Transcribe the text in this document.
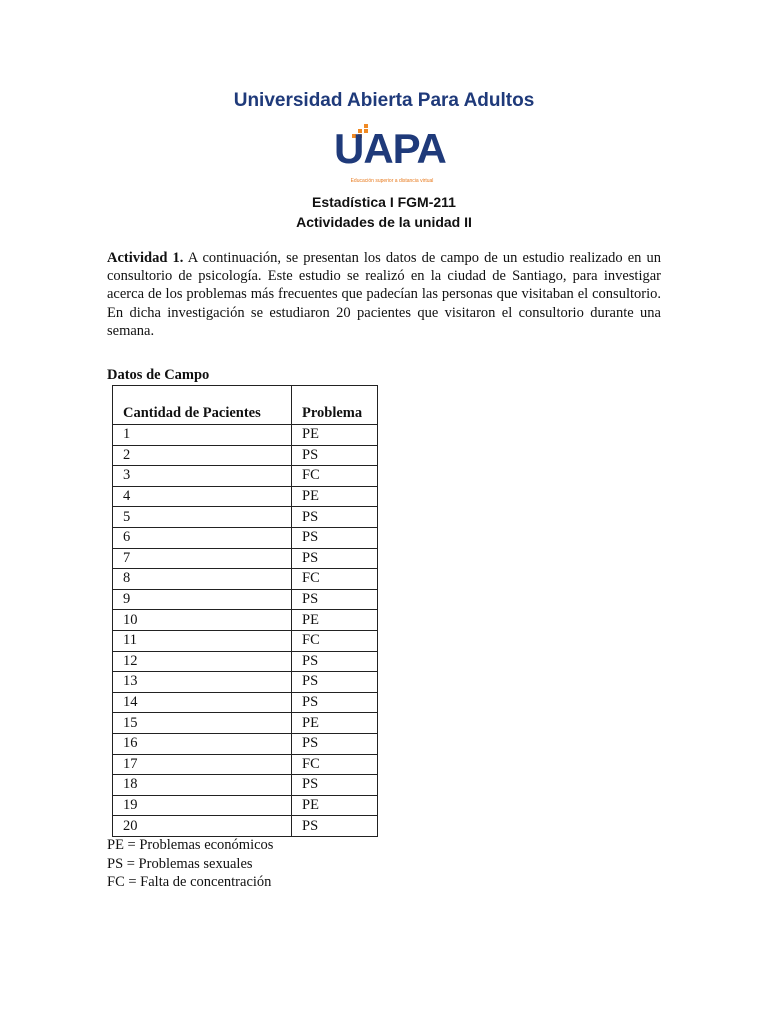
Universidad Abierta Para Adultos
UAPA
Educación superior a distancia virtual
Estadística I FGM-211
Actividades de la unidad II
Actividad 1. A continuación, se presentan los datos de campo de un estudio realizado en un consultorio de psicología. Este estudio se realizó en la ciudad de Santiago, para investigar acerca de los problemas más frecuentes que padecían las personas que visitaban el consultorio. En dicha investigación se estudiaron 20 pacientes que visitaron el consultorio durante una semana.
Datos de Campo
Cantidad de Pacientes	Problema
1	PE
2	PS
3	FC
4	PE
5	PS
6	PS
7	PS
8	FC
9	PS
10	PE
11	FC
12	PS
13	PS
14	PS
15	PE
16	PS
17	FC
18	PS
19	PE
20	PS
PE = Problemas económicos
PS = Problemas sexuales
FC = Falta de concentración
